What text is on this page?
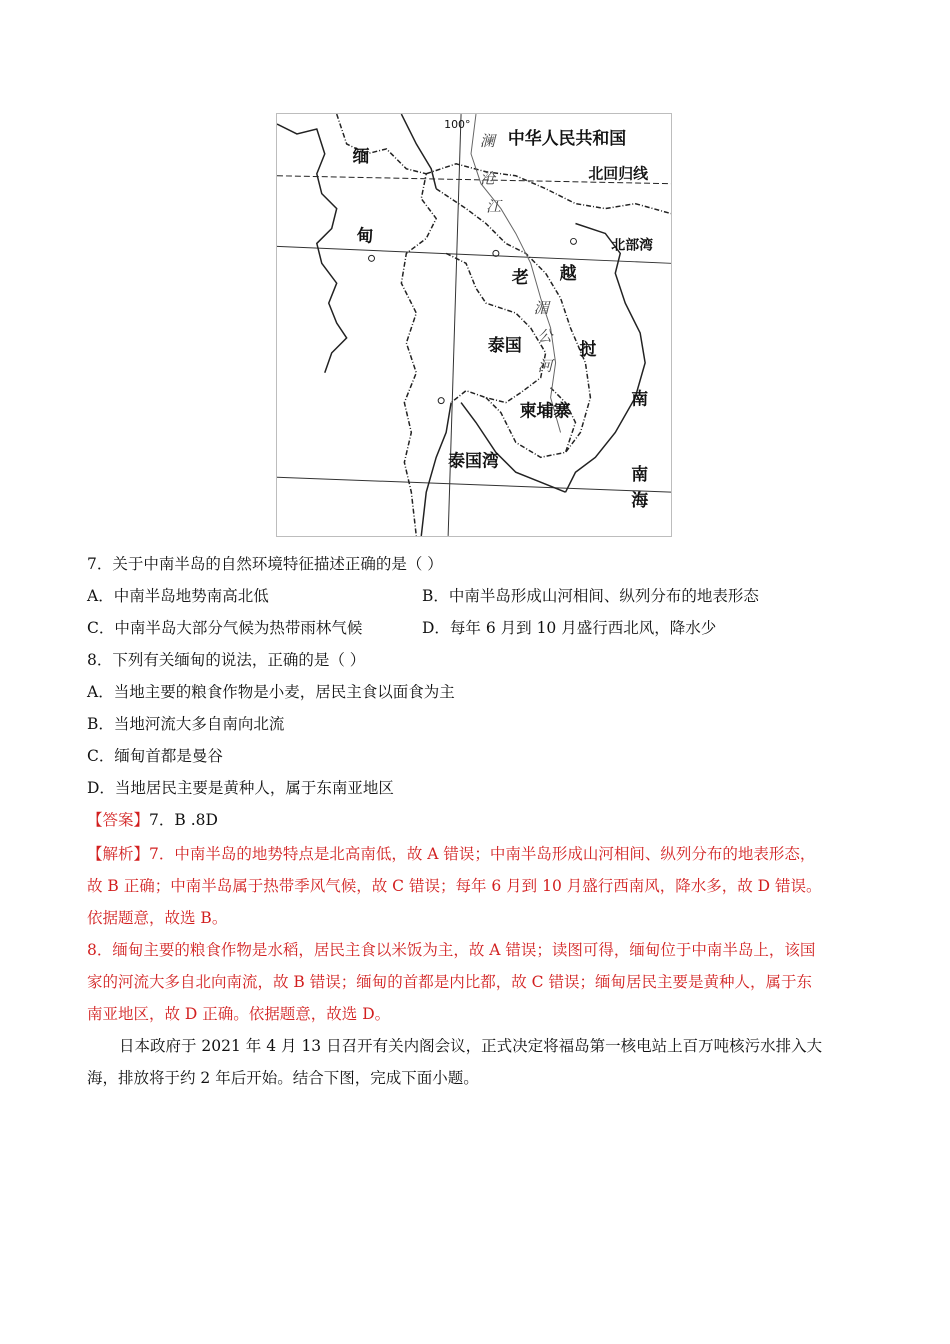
100°
中华人民共和国
北回归线
缅
甸	北部湾
老 越
泰国	挝
南
柬埔寨
泰国湾
南
海
澜
沧
江
湄
公
河
7．关于中南半岛的自然环境特征描述正确的是（ ）
A．中南半岛地势南高北低	B．中南半岛形成山河相间、纵列分布的地表形态
C．中南半岛大部分气候为热带雨林气候	D．每年 6 月到 10 月盛行西北风，降水少
8．下列有关缅甸的说法，正确的是（ ）
A．当地主要的粮食作物是小麦，居民主食以面食为主
B．当地河流大多自南向北流
C．缅甸首都是曼谷
D．当地居民主要是黄种人，属于东南亚地区
【答案】7．B .8D
【解析】7．中南半岛的地势特点是北高南低，故 A 错误；中南半岛形成山河相间、纵列分布的地表形态，
故 B 正确；中南半岛属于热带季风气候，故 C 错误；每年 6 月到 10 月盛行西南风，降水多，故 D 错误。
依据题意，故选 B。
8．缅甸主要的粮食作物是水稻，居民主食以米饭为主，故 A 错误；读图可得，缅甸位于中南半岛上，该国
家的河流大多自北向南流，故 B 错误；缅甸的首都是内比都，故 C 错误；缅甸居民主要是黄种人，属于东
南亚地区，故 D 正确。依据题意，故选 D。
日本政府于 2021 年 4 月 13 日召开有关内阁会议，正式决定将福岛第一核电站上百万吨核污水排入大
海，排放将于约 2 年后开始。结合下图，完成下面小题。
